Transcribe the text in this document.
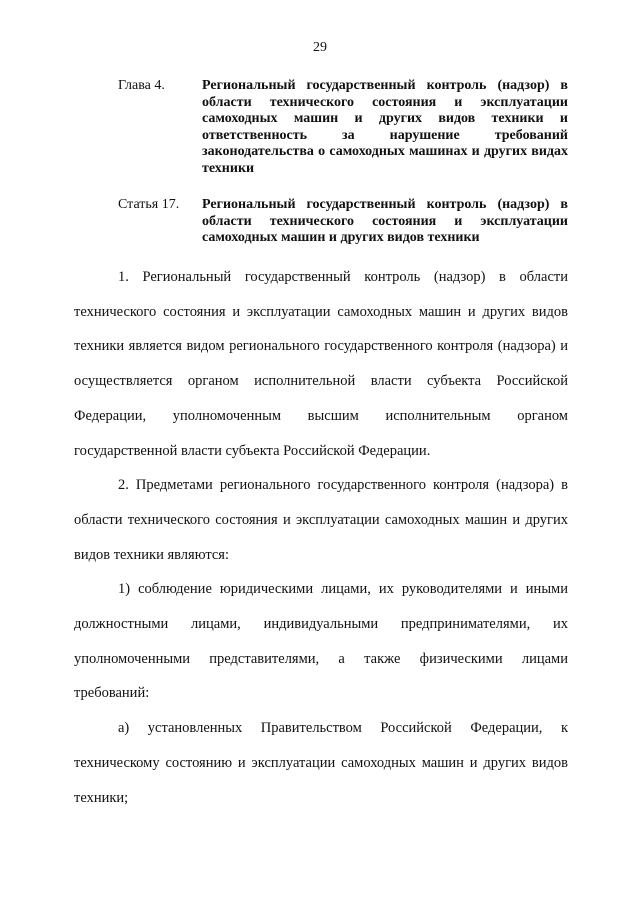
29
Глава 4.	Региональный государственный контроль (надзор) в области технического состояния и эксплуатации самоходных машин и других видов техники и ответственность за нарушение требований законодательства о самоходных машинах и других видах техники

Статья 17. Региональный государственный контроль (надзор) в области технического состояния и эксплуатации самоходных машин и других видов техники

1. Региональный государственный контроль (надзор) в области технического состояния и эксплуатации самоходных машин и других видов техники является видом регионального государственного контроля (надзора) и осуществляется органом исполнительной власти субъекта Российской Федерации, уполномоченным высшим исполнительным органом государственной власти субъекта Российской Федерации.

2. Предметами регионального государственного контроля (надзора) в области технического состояния и эксплуатации самоходных машин и других видов техники являются:

1) соблюдение юридическими лицами, их руководителями и иными должностными лицами, индивидуальными предпринимателями, их уполномоченными представителями, а также физическими лицами требований:

а) установленных Правительством Российской Федерации, к техническому состоянию и эксплуатации самоходных машин и других видов техники;
